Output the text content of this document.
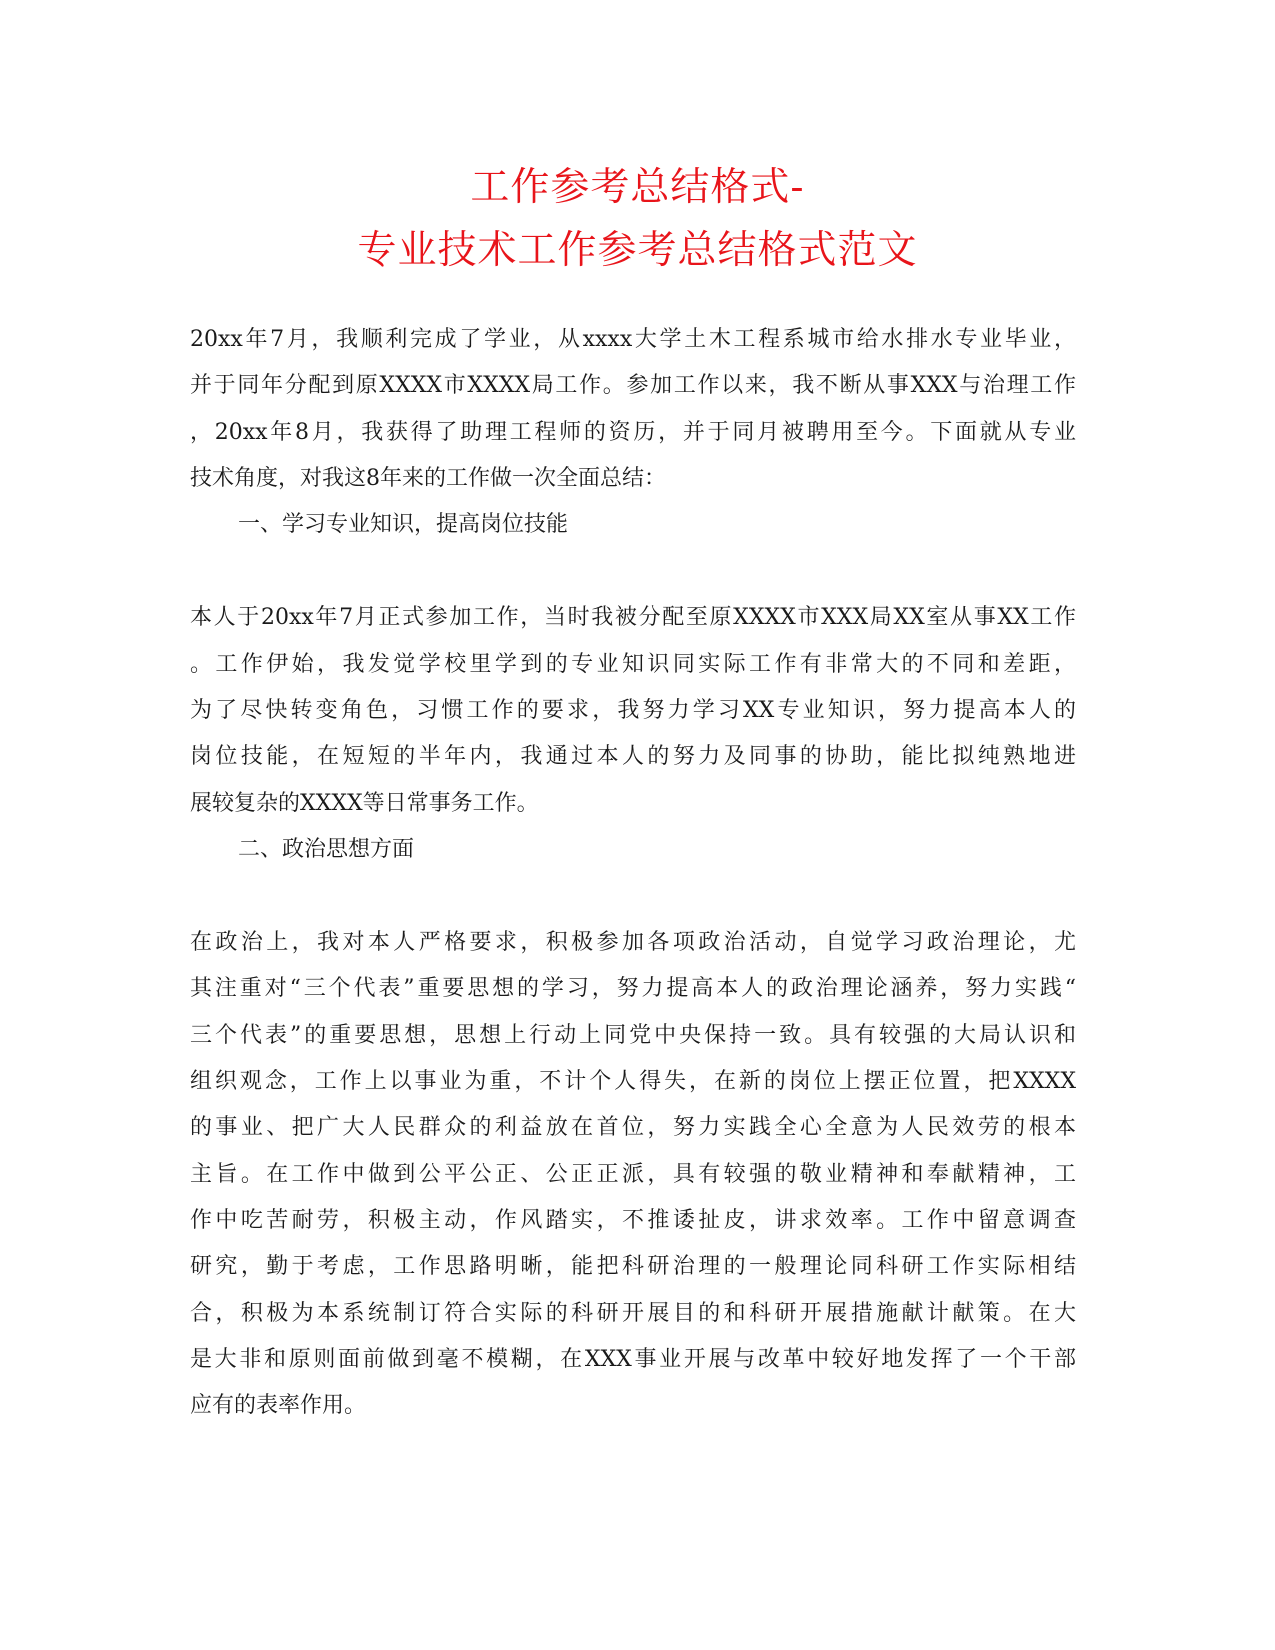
工作参考总结格式-
专业技术工作参考总结格式范文
20xx年7月，我顺利完成了学业，从xxxx大学土木工程系城市给水排水专业毕业，
并于同年分配到原XXXX市XXXX局工作。参加工作以来，我不断从事XXX与治理工作
，20xx年8月，我获得了助理工程师的资历，并于同月被聘用至今。下面就从专业
技术角度，对我这8年来的工作做一次全面总结：
一、学习专业知识，提高岗位技能
本人于20xx年7月正式参加工作，当时我被分配至原XXXX市XXX局XX室从事XX工作
。工作伊始，我发觉学校里学到的专业知识同实际工作有非常大的不同和差距，
为了尽快转变角色，习惯工作的要求，我努力学习XX专业知识，努力提高本人的
岗位技能，在短短的半年内，我通过本人的努力及同事的协助，能比拟纯熟地进
展较复杂的XXXX等日常事务工作。
二、政治思想方面
在政治上，我对本人严格要求，积极参加各项政治活动，自觉学习政治理论，尤
其注重对“三个代表”重要思想的学习，努力提高本人的政治理论涵养，努力实践“
三个代表”的重要思想，思想上行动上同党中央保持一致。具有较强的大局认识和
组织观念，工作上以事业为重，不计个人得失，在新的岗位上摆正位置，把XXXX
的事业、把广大人民群众的利益放在首位，努力实践全心全意为人民效劳的根本
主旨。在工作中做到公平公正、公正正派，具有较强的敬业精神和奉献精神，工
作中吃苦耐劳，积极主动，作风踏实，不推诿扯皮，讲求效率。工作中留意调查
研究，勤于考虑，工作思路明晰，能把科研治理的一般理论同科研工作实际相结
合，积极为本系统制订符合实际的科研开展目的和科研开展措施献计献策。在大
是大非和原则面前做到毫不模糊，在XXX事业开展与改革中较好地发挥了一个干部
应有的表率作用。
